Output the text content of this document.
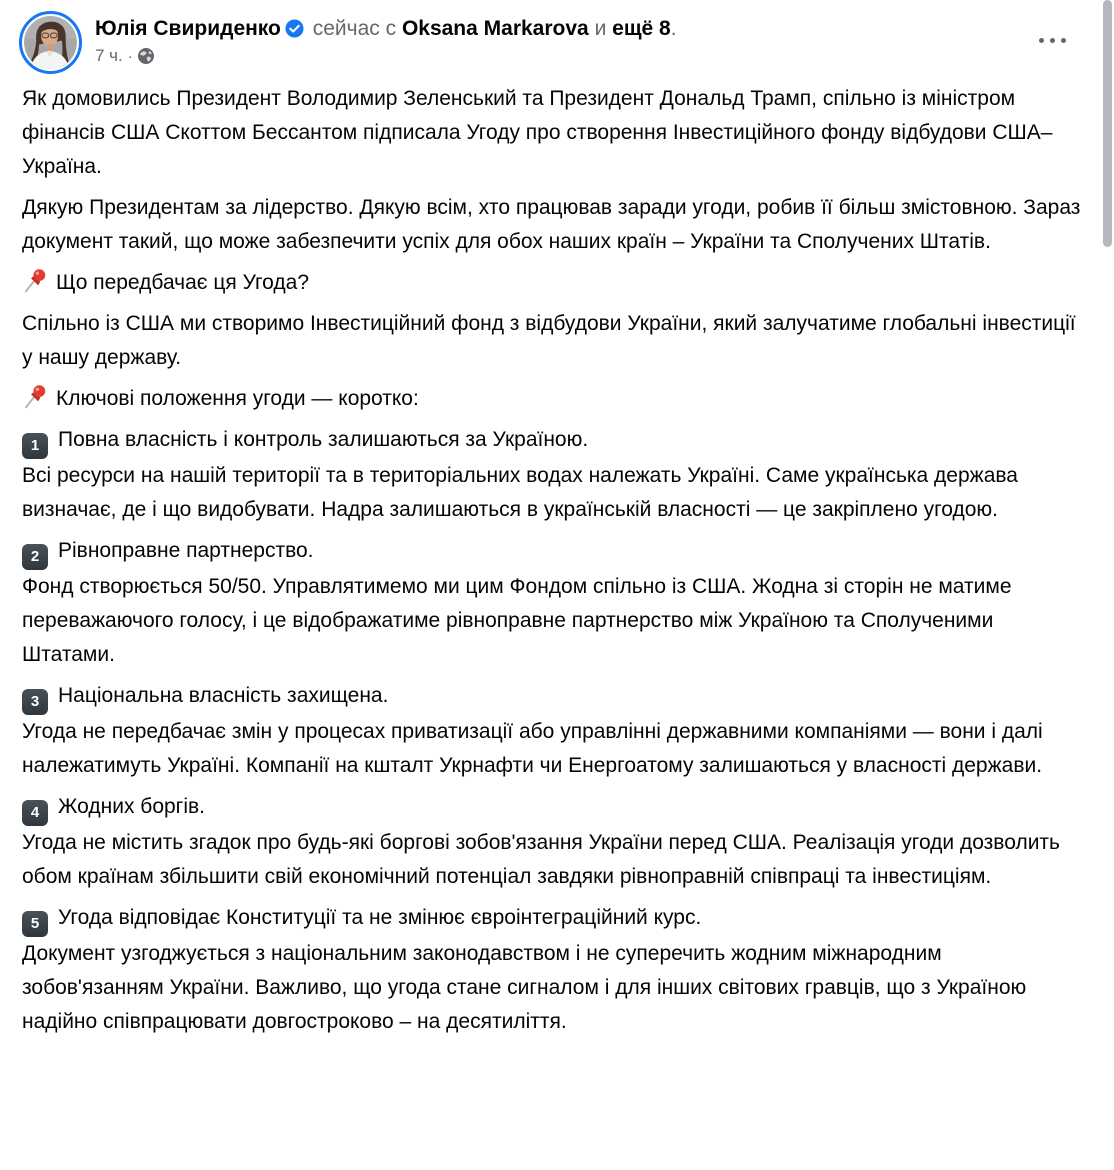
Юлія Свириденко сейчас с Oksana Markarova и ещё 8.
7 ч. ·

Як домовились Президент Володимир Зеленський та Президент Дональд Трамп, спільно із міністром фінансів США Скоттом Бессантом підписала Угоду про створення Інвестиційного фонду відбудови США–Україна.

Дякую Президентам за лідерство. Дякую всім, хто працював заради угоди, робив її більш змістовною. Зараз документ такий, що може забезпечити успіх для обох наших країн – України та Сполучених Штатів.

Що передбачає ця Угода?

Спільно із США ми створимо Інвестиційний фонд з відбудови України, який залучатиме глобальні інвестиції у нашу державу.

Ключові положення угоди — коротко:

1 Повна власність і контроль залишаються за Україною.
Всі ресурси на нашій території та в територіальних водах належать Україні. Саме українська держава визначає, де і що видобувати. Надра залишаються в українській власності — це закріплено угодою.

2 Рівноправне партнерство.
Фонд створюється 50/50. Управлятимемо ми цим Фондом спільно із США. Жодна зі сторін не матиме переважаючого голосу, і це відображатиме рівноправне партнерство між Україною та Сполученими Штатами.

3 Національна власність захищена.
Угода не передбачає змін у процесах приватизації або управлінні державними компаніями — вони і далі належатимуть Україні. Компанії на кшталт Укрнафти чи Енергоатому залишаються у власності держави.

4 Жодних боргів.
Угода не містить згадок про будь-які боргові зобов'язання України перед США. Реалізація угоди дозволить обом країнам збільшити свій економічний потенціал завдяки рівноправній співпраці та інвестиціям.

5 Угода відповідає Конституції та не змінює євроінтеграційний курс.
Документ узгоджується з національним законодавством і не суперечить жодним міжнародним зобов'язанням України. Важливо, що угода стане сигналом і для інших світових гравців, що з Україною надійно співпрацювати довгостроково – на десятиліття.
